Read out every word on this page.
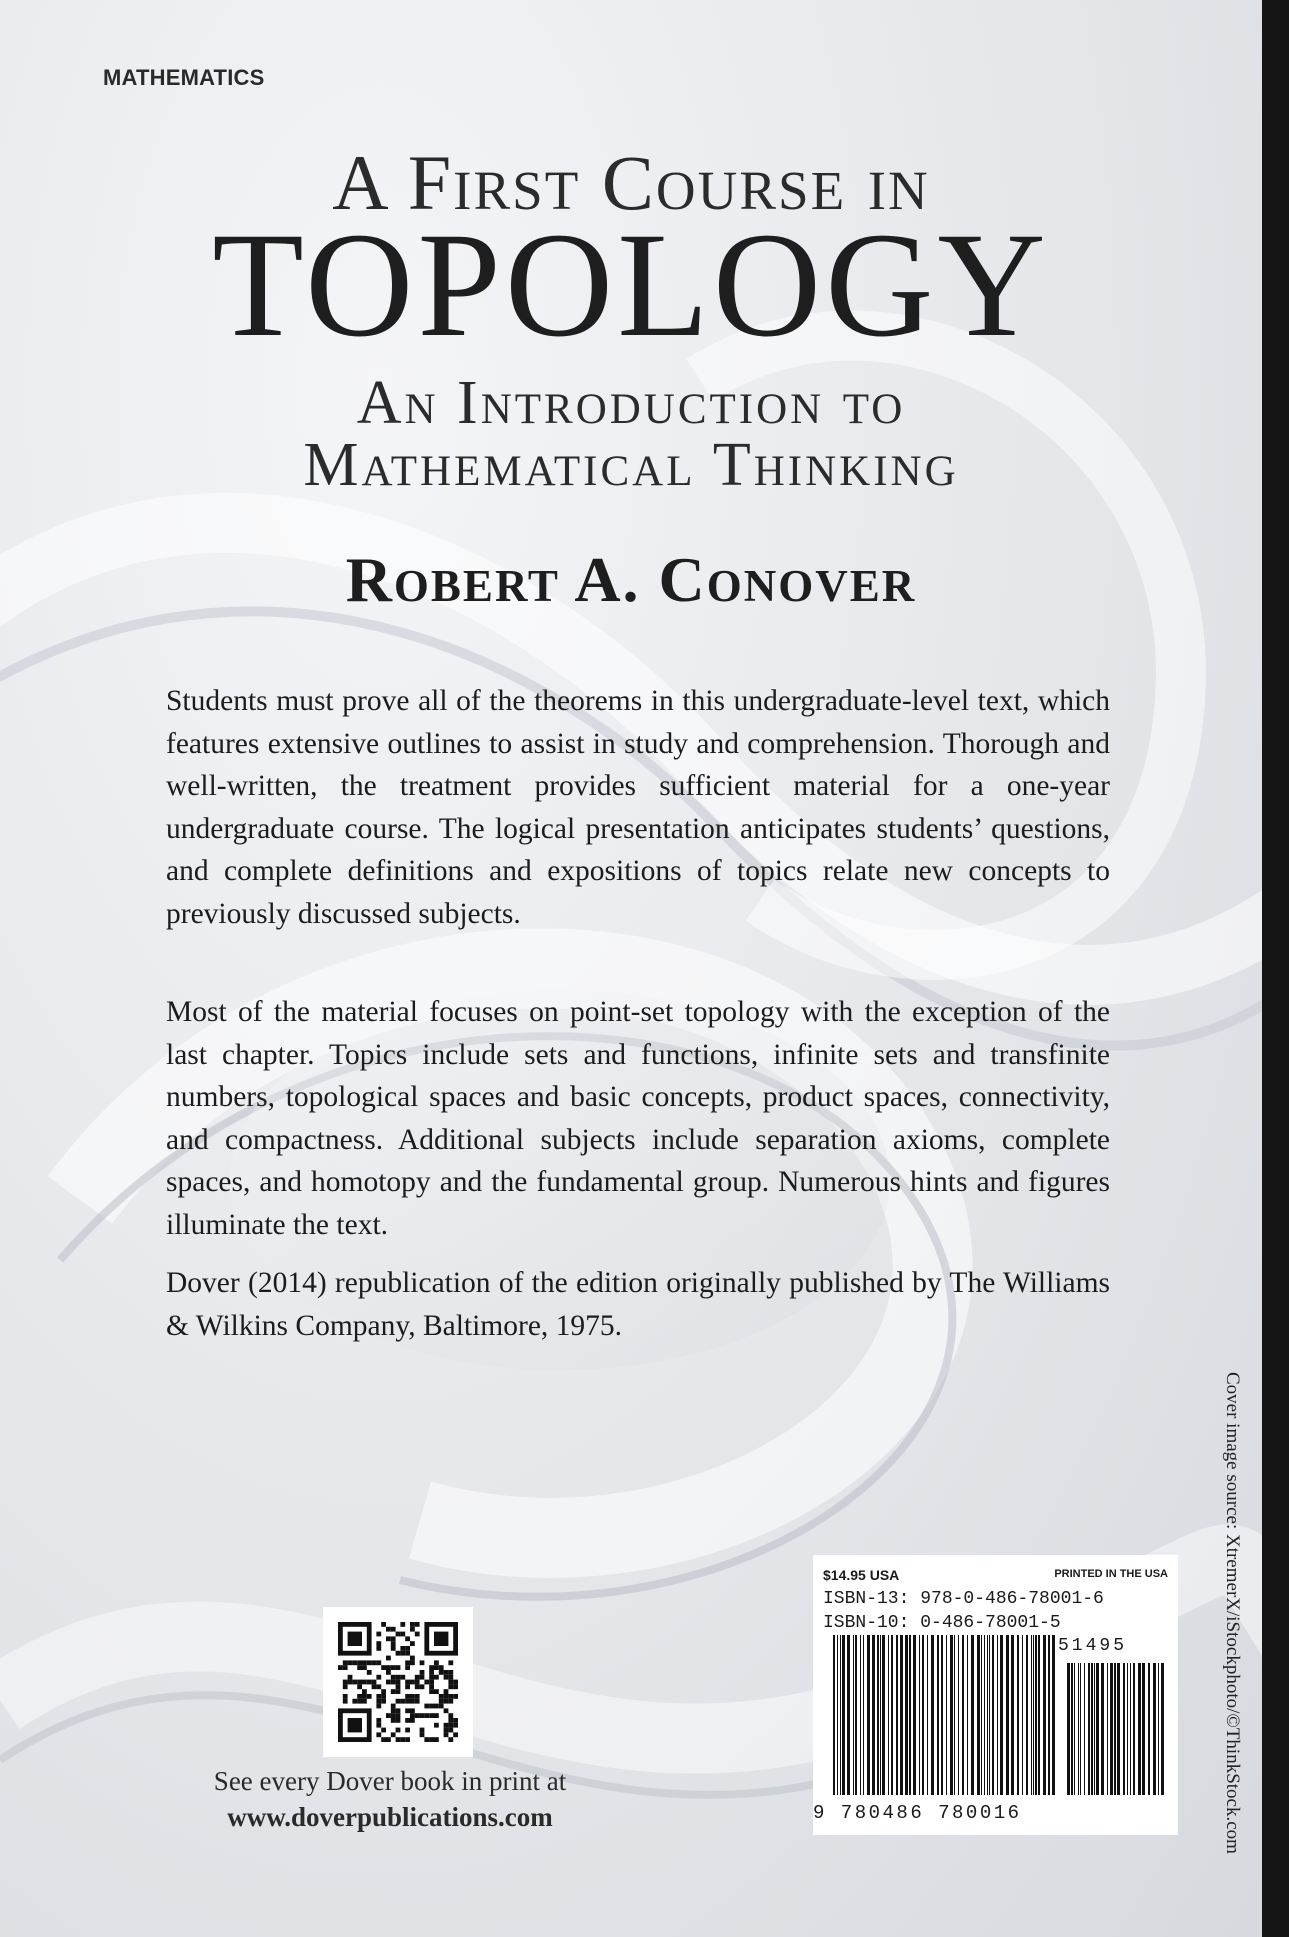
MATHEMATICS
A First Course in
TOPOLOGY
An Introduction to
Mathematical Thinking
Robert A. Conover
Students must prove all of the theorems in this undergraduate-level text, which features extensive outlines to assist in study and comprehension. Thorough and well-written, the treatment provides sufficient material for a one-year undergraduate course. The logical presentation anticipates students’ questions, and complete definitions and expositions of topics relate new concepts to previously discussed subjects.
Most of the material focuses on point-set topology with the exception of the last chapter. Topics include sets and functions, infinite sets and transfinite numbers, topological spaces and basic concepts, product spaces, connectivity, and compactness. Additional subjects include separation axioms, complete spaces, and homotopy and the fundamental group. Numerous hints and figures illuminate the text.
Dover (2014) republication of the edition originally published by The Williams & Wilkins Company, Baltimore, 1975.
Cover image source: XtremerX/iStockphoto/©ThinkStock.com
See every Dover book in print at
www.doverpublications.com
$14.95 USA	PRINTED IN THE USA
ISBN-13: 978-0-486-78001-6
ISBN-10: 0-486-78001-5
51495
9 780486 780016
